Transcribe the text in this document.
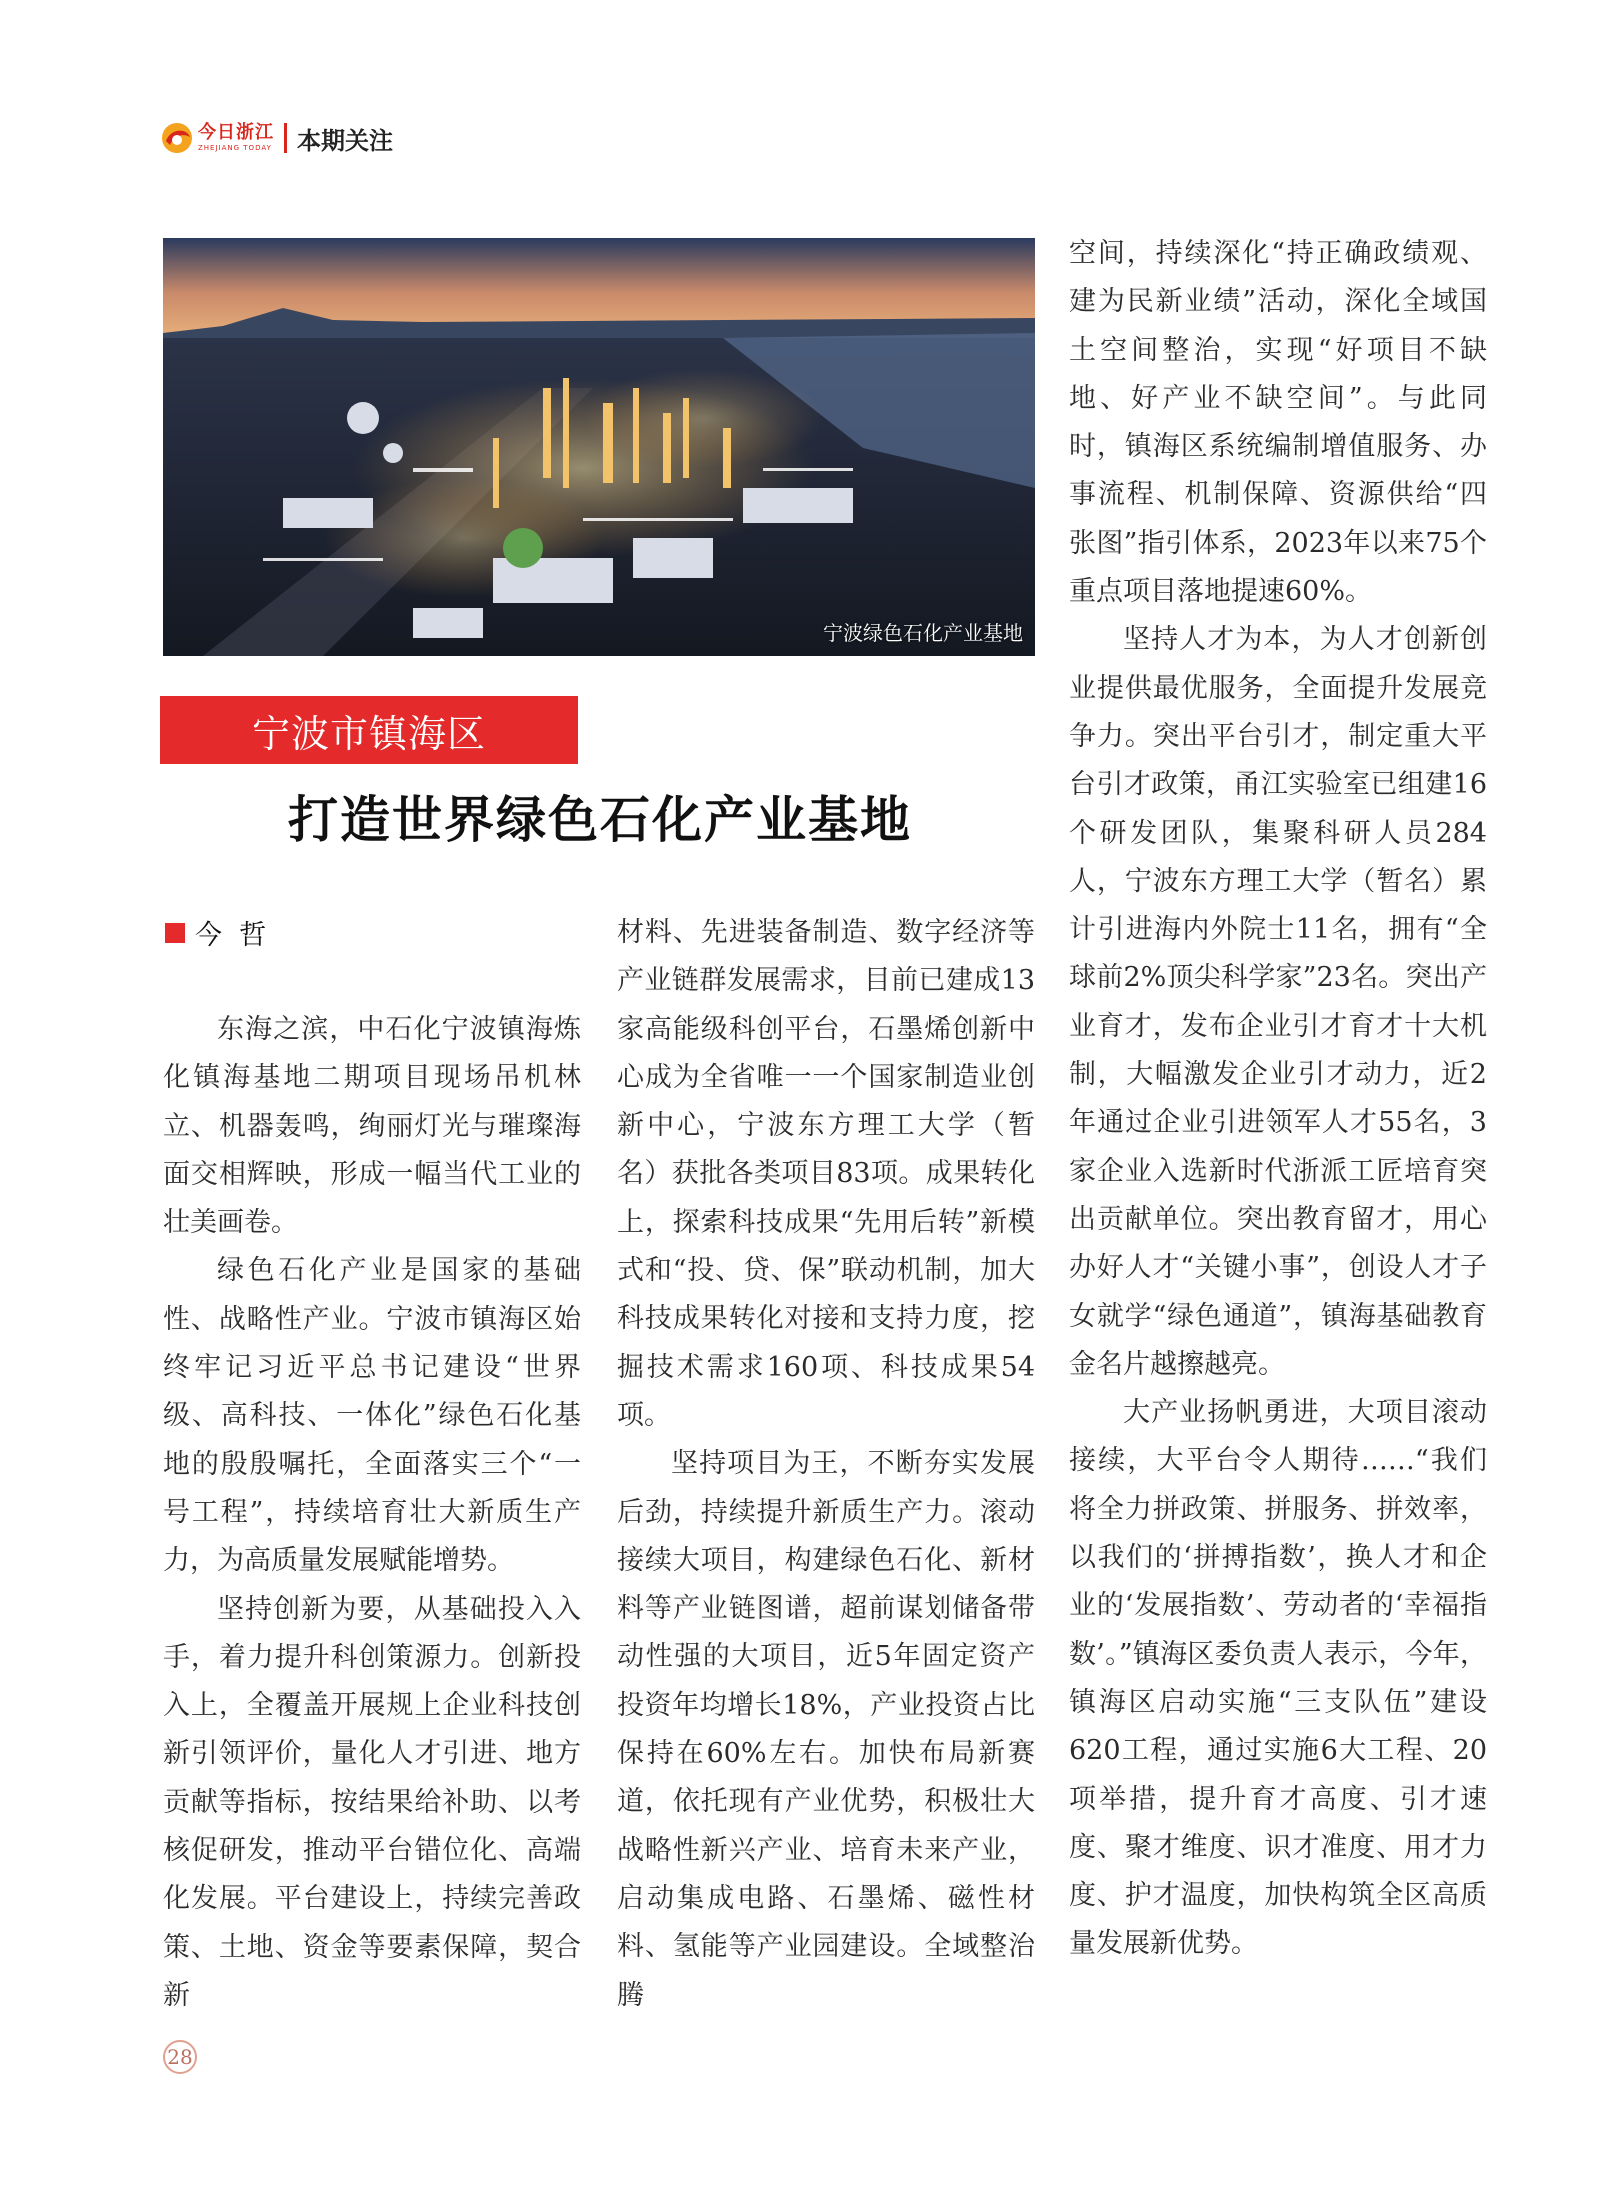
今日浙江
ZHEJIANG TODAY 本期关注
宁波绿色石化产业基地
宁波市镇海区
打造世界绿色石化产业基地
今  哲

东海之滨，中石化宁波镇海炼化镇海基地二期项目现场吊机林立、机器轰鸣，绚丽灯光与璀璨海面交相辉映，形成一幅当代工业的壮美画卷。

绿色石化产业是国家的基础性、战略性产业。宁波市镇海区始终牢记习近平总书记建设“世界级、高科技、一体化”绿色石化基地的殷殷嘱托，全面落实三个“一号工程”，持续培育壮大新质生产力，为高质量发展赋能增势。

坚持创新为要，从基础投入入手，着力提升科创策源力。创新投入上，全覆盖开展规上企业科技创新引领评价，量化人才引进、地方贡献等指标，按结果给补助、以考核促研发，推动平台错位化、高端化发展。平台建设上，持续完善政策、土地、资金等要素保障，契合新

材料、先进装备制造、数字经济等产业链群发展需求，目前已建成13家高能级科创平台，石墨烯创新中心成为全省唯一一个国家制造业创新中心，宁波东方理工大学（暂名）获批各类项目83项。成果转化上，探索科技成果“先用后转”新模式和“投、贷、保”联动机制，加大科技成果转化对接和支持力度，挖掘技术需求160项、科技成果54项。

坚持项目为王，不断夯实发展后劲，持续提升新质生产力。滚动接续大项目，构建绿色石化、新材料等产业链图谱，超前谋划储备带动性强的大项目，近5年固定资产投资年均增长18%，产业投资占比保持在60%左右。加快布局新赛道，依托现有产业优势，积极壮大战略性新兴产业、培育未来产业，启动集成电路、石墨烯、磁性材料、氢能等产业园建设。全域整治腾

空间，持续深化“持正确政绩观、建为民新业绩”活动，深化全域国土空间整治，实现“好项目不缺地、好产业不缺空间”。与此同时，镇海区系统编制增值服务、办事流程、机制保障、资源供给“四张图”指引体系，2023年以来75个重点项目落地提速60%。

坚持人才为本，为人才创新创业提供最优服务，全面提升发展竞争力。突出平台引才，制定重大平台引才政策，甬江实验室已组建16个研发团队，集聚科研人员284人，宁波东方理工大学（暂名）累计引进海内外院士11名，拥有“全球前2%顶尖科学家”23名。突出产业育才，发布企业引才育才十大机制，大幅激发企业引才动力，近2年通过企业引进领军人才55名，3家企业入选新时代浙派工匠培育突出贡献单位。突出教育留才，用心办好人才“关键小事”，创设人才子女就学“绿色通道”，镇海基础教育金名片越擦越亮。

大产业扬帆勇进，大项目滚动接续，大平台令人期待……“我们将全力拼政策、拼服务、拼效率，以我们的‘拼搏指数’，换人才和企业的‘发展指数’、劳动者的‘幸福指数’。”镇海区委负责人表示，今年，镇海区启动实施“三支队伍”建设620工程，通过实施6大工程、20项举措，提升育才高度、引才速度、聚才维度、识才准度、用才力度、护才温度，加快构筑全区高质量发展新优势。

28
